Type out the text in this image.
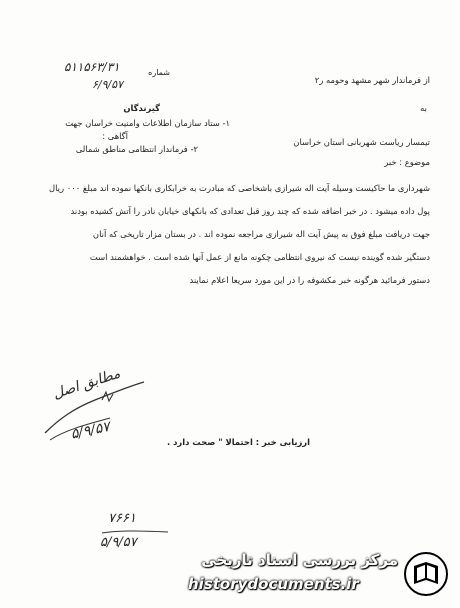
شماره
۵۱۱۵۶۳/۳۱
۶/۹/۵۷
گیرندگان
۱- ستاد سازمان اطلاعات وامنیت خراسان جهت
آگاهی :
۲- فرماندار انتظامی مناطق شمالی
از فرماندار شهر مشهد وحومه ر۲
به
تیمسار ریاست شهربانی استان خراسان
موضوع : خبر
شهرداری ما حاکیست وسیله آیت اله شیرازی باشخاصی که مبادرت به خرابکاری بانکها نموده اند مبلغ ۰۰۰ ریال
پول داده میشود . در خبر اضافه شده که چند روز قبل تعدادی که بانکهای خیابان نادر را آتش کشیده بودند
جهت دریافت مبلغ فوق به پیش آیت اله شیرازی مراجعه نموده اند . در بستان مزار تاریخی که آنان
دستگیر شده گوینده نیست که نیروی انتظامی چکونه مانع از عمل آنها شده است . خواهشمند است
دستور فرمائید هرگونه خبر مکشوفه را در این مورد سریعا اعلام نمایند
مطابق اصل
۵/۹/۵۷	ارزیابی خبر : احتمالا " صحت دارد .
۷۶۶۱
۵/۹/۵۷
مرکز بررسی اسناد تاریخی
historydocuments.ir
